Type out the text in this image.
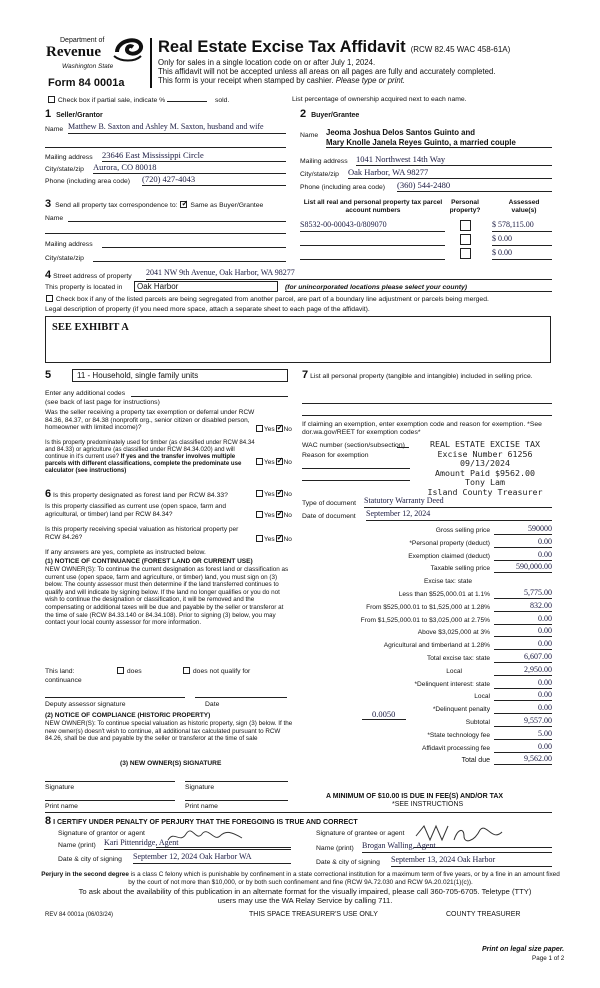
Department of
Revenue
Washington State
Form 84 0001a
Real Estate Excise Tax Affidavit (RCW 82.45 WAC 458-61A)
Only for sales in a single location code on or after July 1, 2024.
This affidavit will not be accepted unless all areas on all pages are fully and accurately completed.
This form is your receipt when stamped by cashier. Please type or print.
Check box if partial sale, indicate %	sold.	List percentage of ownership acquired next to each name.
1 Seller/Grantor
Name Matthew B. Saxton and Ashley M. Saxton, husband and wife
Mailing address 23646 East Mississippi Circle
City/state/zip Aurora, CO 80018
Phone (including area code) (720) 427-4043
2 Buyer/Grantee
Name Jeoma Joshua Delos Santos Guinto and
Mary Knolle Janela Reyes Guinto, a married couple
Mailing address 1041 Northwest 14th Way
City/state/zip Oak Harbor, WA 98277
Phone (including area code) (360) 544-2480
3 Send all property tax correspondence to: ✓ Same as Buyer/Grantee
Name
Mailing address
City/state/zip
List all real and personal property tax parcel account numbers
Personal property?
Assessed value(s)
S8532-00-00043-0/809070	$ 578,115.00
$ 0.00
$ 0.00
4 Street address of property 2041 NW 9th Avenue, Oak Harbor, WA 98277
This property is located in	Oak Harbor	(for unincorporated locations please select your county)
Check box if any of the listed parcels are being segregated from another parcel, are part of a boundary line adjustment or parcels being merged.
Legal description of property (if you need more space, attach a separate sheet to each page of the affidavit).
SEE EXHIBIT A
5	11 - Household, single family units
Enter any additional codes
(see back of last page for instructions)
Was the seller receiving a property tax exemption or deferral under RCW 84.36, 84.37, or 84.38 (nonprofit org., senior citizen or disabled person, homeowner with limited income)?	Yes ✓ No
Is this property predominately used for timber (as classified under RCW 84.34 and 84.33) or agriculture (as classified under RCW 84.34.020) and will continue in it's current use? If yes and the transfer involves multiple parcels with different classifications, complete the predominate use calculator (see instructions)
Yes ✓ No
6 Is this property designated as forest land per RCW 84.33?	Yes ✓ No
Is this property classified as current use (open space, farm and agricultural, or timber) land per RCW 84.34?	Yes ✓ No
Is this property receiving special valuation as historical property per RCW 84.26?	Yes ✓ No
If any answers are yes, complete as instructed below.
(1) NOTICE OF CONTINUANCE (FOREST LAND OR CURRENT USE)
NEW OWNER(S): To continue the current designation as forest land or classification as current use (open space, farm and agriculture, or timber) land, you must sign on (3) below. The county assessor must then determine if the land transferred continues to qualify and will indicate by signing below. If the land no longer qualifies or you do not wish to continue the designation or classification, it will be removed and the compensating or additional taxes will be due and payable by the seller or transferor at the time of sale (RCW 84.33.140 or 84.34.108). Prior to signing (3) below, you may contact your local county assessor for more information.
This land:	does	does not qualify for
continuance
Deputy assessor signature	Date
(2) NOTICE OF COMPLIANCE (HISTORIC PROPERTY)
NEW OWNER(S): To continue special valuation as historic property, sign (3) below. If the new owner(s) doesn't wish to continue, all additional tax calculated pursuant to RCW 84.26, shall be due and payable by the seller or transferor at the time of sale
(3) NEW OWNER(S) SIGNATURE
Signature	Signature
Print name	Print name
7 List all personal property (tangible and intangible) included in selling price.
If claiming an exemption, enter exemption code and reason for exemption. *See dor.wa.gov/REET for exemption codes*
WAC number (section/subsection)
Reason for exemption
REAL ESTATE EXCISE TAX
Excise Number 61256
09/13/2024
Amount Paid $9562.00
Tony Lam
Island County Treasurer
Type of document Statutory Warranty Deed
Date of document September 12, 2024
Gross selling price	590000
*Personal property (deduct)	0.00
Exemption claimed (deduct)	0.00
Taxable selling price	590,000.00
Excise tax: state
Less than $525,000.01 at 1.1%	5,775.00
From $525,000.01 to $1,525,000 at 1.28%	832.00
From $1,525,000.01 to $3,025,000 at 2.75%	0.00
Above $3,025,000 at 3%	0.00
Agricultural and timberland at 1.28%	0.00
Total excise tax: state	6,607.00
Local	2,950.00
*Delinquent interest: state	0.00
Local	0.00
*Delinquent penalty	0.00
Subtotal	9,557.00
*State technology fee	5.00
Affidavit processing fee	0.00
Total due	9,562.00
0.0050
A MINIMUM OF $10.00 IS DUE IN FEE(S) AND/OR TAX
*SEE INSTRUCTIONS
8 I CERTIFY UNDER PENALTY OF PERJURY THAT THE FOREGOING IS TRUE AND CORRECT
Signature of grantor or agent
Name (print) Kari Pittenridge, Agent
Date & city of signing September 12, 2024 Oak Harbor WA
Signature of grantee or agent
Name (print) Brogan Walling, Agent
Date & city of signing September 13, 2024 Oak Harbor
Perjury in the second degree is a class C felony which is punishable by confinement in a state correctional institution for a maximum term of five years, or by a fine in an amount fixed by the court of not more than $10,000, or by both such confinement and fine (RCW 9A.72.030 and RCW 9A.20.021(1)(c)).
To ask about the availability of this publication in an alternate format for the visually impaired, please call 360-705-6705. Teletype (TTY) users may use the WA Relay Service by calling 711.
REV 84 0001a (06/03/24)	THIS SPACE TREASURER'S USE ONLY	COUNTY TREASURER
Print on legal size paper.
Page 1 of 2
